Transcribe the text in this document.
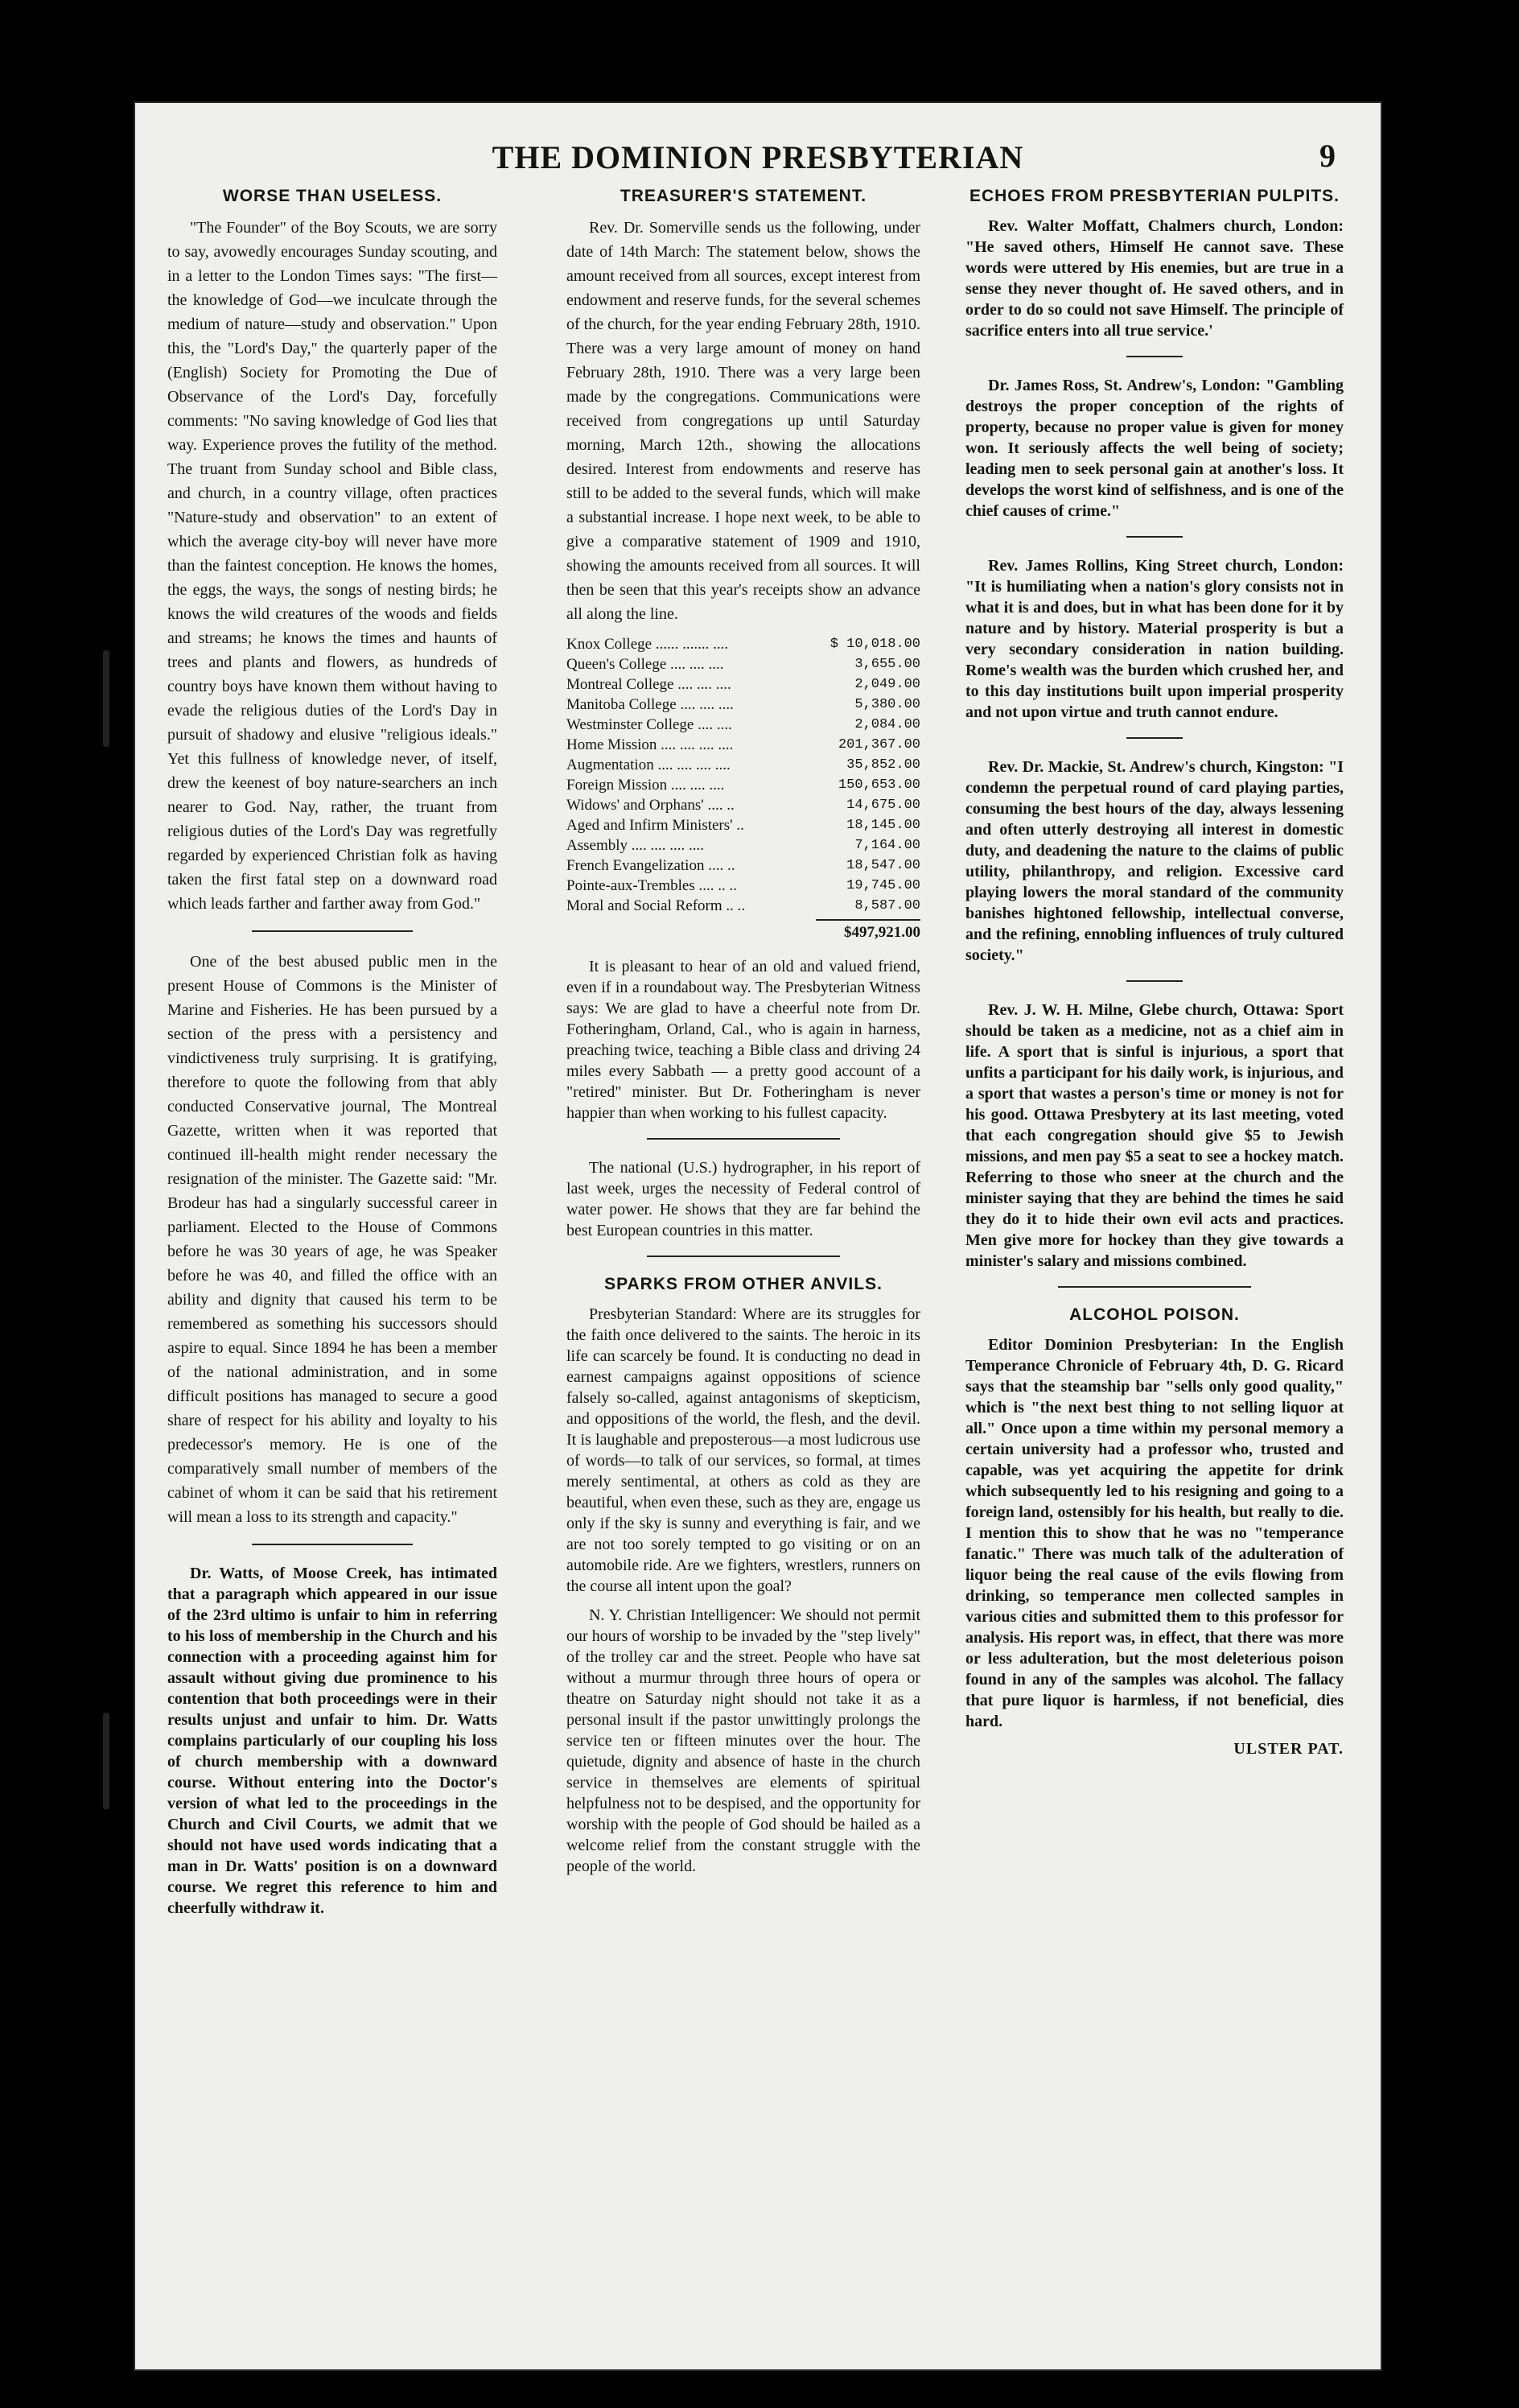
THE DOMINION PRESBYTERIAN	9
WORSE THAN USELESS.

"The Founder" of the Boy Scouts, we are sorry to say, avowedly encourages Sunday scouting, and in a letter to the London Times says: "The first—the knowledge of God—we inculcate through the medium of nature—study and observation." Upon this, the "Lord's Day," the quarterly paper of the (English) Society for Promoting the Due of Observance of the Lord's Day, forcefully comments: "No saving knowledge of God lies that way. Experience proves the futility of the method. The truant from Sunday school and Bible class, and church, in a country village, often practices "Nature-study and observation" to an extent of which the average city-boy will never have more than the faintest conception. He knows the homes, the eggs, the ways, the songs of nesting birds; he knows the wild creatures of the woods and fields and streams; he knows the times and haunts of trees and plants and flowers, as hundreds of country boys have known them without having to evade the religious duties of the Lord's Day in pursuit of shadowy and elusive "religious ideals." Yet this fullness of knowledge never, of itself, drew the keenest of boy nature-searchers an inch nearer to God. Nay, rather, the truant from religious duties of the Lord's Day was regretfully regarded by experienced Christian folk as having taken the first fatal step on a downward road which leads farther and farther away from God."

One of the best abused public men in the present House of Commons is the Minister of Marine and Fisheries. He has been pursued by a section of the press with a persistency and vindictiveness truly surprising. It is gratifying, therefore to quote the following from that ably conducted Conservative journal, The Montreal Gazette, written when it was reported that continued ill-health might render necessary the resignation of the minister. The Gazette said: "Mr. Brodeur has had a singularly successful career in parliament. Elected to the House of Commons before he was 30 years of age, he was Speaker before he was 40, and filled the office with an ability and dignity that caused his term to be remembered as something his successors should aspire to equal. Since 1894 he has been a member of the national administration, and in some difficult positions has managed to secure a good share of respect for his ability and loyalty to his predecessor's memory. He is one of the comparatively small number of members of the cabinet of whom it can be said that his retirement will mean a loss to its strength and capacity."

Dr. Watts, of Moose Creek, has intimated that a paragraph which appeared in our issue of the 23rd ultimo is unfair to him in referring to his loss of membership in the Church and his connection with a proceeding against him for assault without giving due prominence to his contention that both proceedings were in their results unjust and unfair to him. Dr. Watts complains particularly of our coupling his loss of church membership with a downward course. Without entering into the Doctor's version of what led to the proceedings in the Church and Civil Courts, we admit that we should not have used words indicating that a man in Dr. Watts' position is on a downward course. We regret this reference to him and cheerfully withdraw it.

TREASURER'S STATEMENT.

Rev. Dr. Somerville sends us the following, under date of 14th March: The statement below, shows the amount received from all sources, except interest from endowment and reserve funds, for the several schemes of the church, for the year ending February 28th, 1910. There was a very large amount of money on hand February 28th, 1910. There was a very large been made by the congregations. Communications were received from congregations up until Saturday morning, March 12th., showing the allocations desired. Interest from endowments and reserve has still to be added to the several funds, which will make a substantial increase. I hope next week, to be able to give a comparative statement of 1909 and 1910, showing the amounts received from all sources. It will then be seen that this year's receipts show an advance all along the line.

Knox College ...... ....... ....	$ 10,018.00
Queen's College .... .... ....	3,655.00
Montreal College .... .... ....	2,049.00
Manitoba College .... .... ....	5,380.00
Westminster College .... ....	2,084.00
Home Mission .... .... .... ....	201,367.00
Augmentation .... .... .... ....	35,852.00
Foreign Mission .... .... ....	150,653.00
Widows' and Orphans' .... ..	14,675.00
Aged and Infirm Ministers' ..	18,145.00
Assembly .... .... .... ....	7,164.00
French Evangelization .... ..	18,547.00
Pointe-aux-Trembles .... .. ..	19,745.00
Moral and Social Reform .. ..	8,587.00
$497,921.00

It is pleasant to hear of an old and valued friend, even if in a roundabout way. The Presbyterian Witness says: We are glad to have a cheerful note from Dr. Fotheringham, Orland, Cal., who is again in harness, preaching twice, teaching a Bible class and driving 24 miles every Sabbath — a pretty good account of a "retired" minister. But Dr. Fotheringham is never happier than when working to his fullest capacity.

The national (U.S.) hydrographer, in his report of last week, urges the necessity of Federal control of water power. He shows that they are far behind the best European countries in this matter.

SPARKS FROM OTHER ANVILS.

Presbyterian Standard: Where are its struggles for the faith once delivered to the saints. The heroic in its life can scarcely be found. It is conducting no dead in earnest campaigns against oppositions of science falsely so-called, against antagonisms of skepticism, and oppositions of the world, the flesh, and the devil. It is laughable and preposterous—a most ludicrous use of words—to talk of our services, so formal, at times merely sentimental, at others as cold as they are beautiful, when even these, such as they are, engage us only if the sky is sunny and everything is fair, and we are not too sorely tempted to go visiting or on an automobile ride. Are we fighters, wrestlers, runners on the course all intent upon the goal?

N. Y. Christian Intelligencer: We should not permit our hours of worship to be invaded by the "step lively" of the trolley car and the street. People who have sat without a murmur through three hours of opera or theatre on Saturday night should not take it as a personal insult if the pastor unwittingly prolongs the service ten or fifteen minutes over the hour. The quietude, dignity and absence of haste in the church service in themselves are elements of spiritual helpfulness not to be despised, and the opportunity for worship with the people of God should be hailed as a welcome relief from the constant struggle with the people of the world.

ECHOES FROM PRESBYTERIAN PULPITS.

Rev. Walter Moffatt, Chalmers church, London: "He saved others, Himself He cannot save. These words were uttered by His enemies, but are true in a sense they never thought of. He saved others, and in order to do so could not save Himself. The principle of sacrifice enters into all true service.'

Dr. James Ross, St. Andrew's, London: "Gambling destroys the proper conception of the rights of property, because no proper value is given for money won. It seriously affects the well being of society; leading men to seek personal gain at another's loss. It develops the worst kind of selfishness, and is one of the chief causes of crime."

Rev. James Rollins, King Street church, London: "It is humiliating when a nation's glory consists not in what it is and does, but in what has been done for it by nature and by history. Material prosperity is but a very secondary consideration in nation building. Rome's wealth was the burden which crushed her, and to this day institutions built upon imperial prosperity and not upon virtue and truth cannot endure.

Rev. Dr. Mackie, St. Andrew's church, Kingston: "I condemn the perpetual round of card playing parties, consuming the best hours of the day, always lessening and often utterly destroying all interest in domestic duty, and deadening the nature to the claims of public utility, philanthropy, and religion. Excessive card playing lowers the moral standard of the community banishes hightoned fellowship, intellectual converse, and the refining, ennobling influences of truly cultured society."

Rev. J. W. H. Milne, Glebe church, Ottawa: Sport should be taken as a medicine, not as a chief aim in life. A sport that is sinful is injurious, a sport that unfits a participant for his daily work, is injurious, and a sport that wastes a person's time or money is not for his good. Ottawa Presbytery at its last meeting, voted that each congregation should give $5 to Jewish missions, and men pay $5 a seat to see a hockey match. Referring to those who sneer at the church and the minister saying that they are behind the times he said they do it to hide their own evil acts and practices. Men give more for hockey than they give towards a minister's salary and missions combined.

ALCOHOL POISON.

Editor Dominion Presbyterian: In the English Temperance Chronicle of February 4th, D. G. Ricard says that the steamship bar "sells only good quality," which is "the next best thing to not selling liquor at all." Once upon a time within my personal memory a certain university had a professor who, trusted and capable, was yet acquiring the appetite for drink which subsequently led to his resigning and going to a foreign land, ostensibly for his health, but really to die. I mention this to show that he was no "temperance fanatic." There was much talk of the adulteration of liquor being the real cause of the evils flowing from drinking, so temperance men collected samples in various cities and submitted them to this professor for analysis. His report was, in effect, that there was more or less adulteration, but the most deleterious poison found in any of the samples was alcohol. The fallacy that pure liquor is harmless, if not beneficial, dies hard.

ULSTER PAT.
